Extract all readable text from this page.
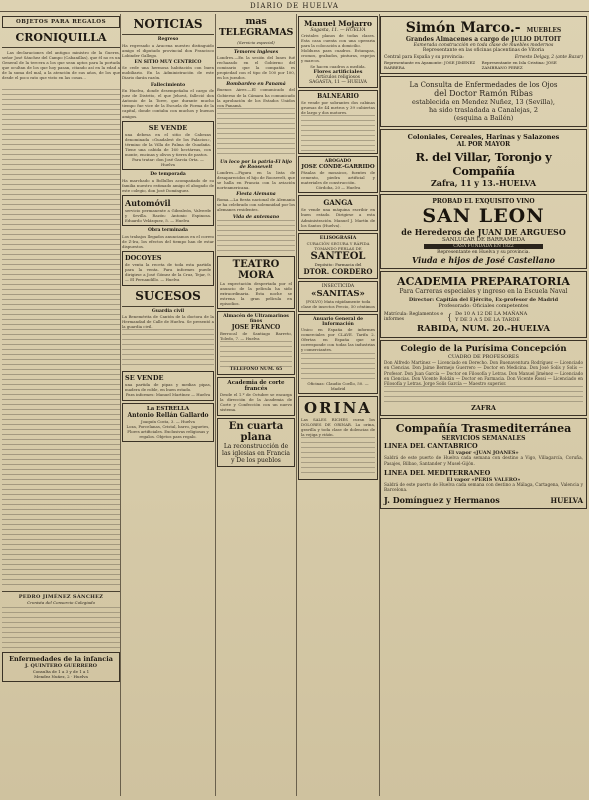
DIARIO DE HUELVA
OBJETOS PARA REGALOS
CRONIQUILLA

Las declaraciones del antiguo ministro de la Guerra, señor José Sánchez del Campo (Cabanillas), que él no es un General de la tercera a los que sean aptos para la portada que ocultan de los que hoy pasan, citando así en la edad a de la suma del mal, a la atención de sus años, de los que desde el poco rato que visto en las cosas...

PEDRO JIMÉNEZ SÁNCHEZ
Cronista del Consorcio Colegiado
Enfermedades de la infancia
J. QUINTERO GUERRERO
Consulta de 1 a 3 y de 1 a 1
Mendez Nuñez, 2 · Huelva
NOTICIAS
Regreso
Ha regresado a Aracena nuestro distinguido amigo el diputado provincial don Francisco Lobinder Gallego.
EN SITIO MUY CENTRICO
Se cede una hermosa habitación con buen mobiliario. En la Administración de este Diario darán razón.
Fallecimiento
En Huelva, donde desempeñaba el cargo de juez de Distrito, el que Jehová, falleció don Antonio de la Torre, que durante mucho tiempo fue vice de la Escuela de Forma de la capital, donde contaba con muchos y buenos amigos.
SE VENDE
una debesa en el sitio de Cabezas denominada «Guadalest de los Palacios», término de la Villa de Palma de Guadaña. Tiene una cabida de 160 hectáreas, con monte, encinas y olivos y tierra de pastos.
Para tratar: don José García Orta. — Huelva
De temporada
Ha marchado a Bollullos acompañado de su familia nuestro estimado amigo el abogado de este colegio, don José Domínguez.
Automóvil
servicio permanente a Gibraleón, Valverde y Sevilla. Razón: Antonio Espinosa. Eduardo Velázquez, 5. — Huelva
Obra terminada
Los trabajos llegados anunciamos en el correo de Z-Ira, los efectos del tiempo han de estar dispuestos.
DOCOYES
de venta la receta de toda esta partida para la venta. Para informes puede dirigirse a José Gómez de la Cruz, Tejar, 9. — El Fernandillo. — Huelva
SUCESOS
Guardia civil
La Benemérita de Cantón de la doctora de la Hermandad de Calle de Huelva. Se presentó a la guardia civil.
SE VENDE
una partida de pipas y medias pipas, madera de roble, en buen estado.
Para informes: Manuel Martínez — Huelva
La ESTRELLA
Antonio Rellán Gallardo
Joaquín Costa, 3. — Huelva
Loza, Porcelanas, Cristal, barro, juguetes, Flores artificiales. Exclusivas religiosas y regalos. Objetos para regalo.
mas TELEGRAMAS
(Servicio especial)
Temores ingleses
Londres.—En la sesión del lunes fué rechazado en el Gobierno del comisario que la compañía es propiedad con el tipo de 100 por 100, en los jurados.
Bombardeo en Panamá
Buenos Aires.—El comunicado del Gobierno de la Cámara ha comunicado la aprobación de los Estados Unidos con Panamá.
Un loco por la patria-El hijo de Roosevelt
Londres.—Figura en la lista de desaparecidos el hijo de Roosevelt, que se halla en Francia con la aviación norteamericana.
Fiesta Alemana
Roma.—La fiesta nacional de Alemania se ha celebrado con solemnidad por los alemanes residentes.
Vida de antemano
TEATRO MORA
La expectación despertada por el anuncio de la película ha sido extraordinaria. Esta noche se estrena la gran película en episodios.
Almacén de Ultramarinos finos
JOSE FRANCO
Berrocal de Santiago Barreto, Toledo, 7. — Huelva
TELEFONO NUM. 65
Academia de corte francés
Desde el 1.º de Octubre se encarga la dirección de la Academia de Corte y Confección con un nuevo sistema.
En cuarta plana
La reconstrucción de las iglesias en Francia y De los pueblos
Manuel Mojarro
Sagasta, 11. — HUELVA
Cristales planos de todas clases. Esta casa cuenta con una operaria para la colocación a domicilio.
Molduras para cuadros. Estampas, cromos, grabados, pinturas, espejos y marcos.
Se hacen cuadros a medida.
Flores artificiales
Artículos religiosos
SAGASTA, 11 — HUELVA
BALNEARIO
Se vende por sobrantes dos cabinas gruesas de 44 metros y 39 cubiertas de largo y dos motores.
ABOGADO
JOSE CONDE-GARRIDO
Pásalas de mosaicos, fuentes de cemento, piedra artificial y materiales de construcción.
Córdoba, 20 — Huelva
GANGA
Se vende una máquina escribir en buen estado. Dirigirse a esta Administración. Manuel J. Martín de los Santos (Huelva).
ELISOGRASIA
CURACIÓN SEGURA Y RÁPIDA TOMANDO PERLAS DE
SANTEOL
Depósito: Farmacia del
DTOR. CORDERO
INSECTICIDA
«SANITAS»
(POLVO) Mata rápidamente toda clase de insectos Precio, 50 céntimos
Anuario General de Información
Unico en España de informes comerciales por CLAVE. Tarifa 2. Ofertas en España que se corresponde con todas las industrias y comerciantes.
Oficinas: Claudio Coello, 50. — Madrid
ORINA
Las SALES RICHES curan los DOLORES DE ORINAR. La orina, gravilla y toda clase de dolencias de la vejiga y riñón.
Simón Marco.- MUEBLES
Grandes Almacenes a cargo de JULIO DUTOIT
Esmerada construcción en toda clase de muebles modernos
Representante en las oficinas placentinas de Vitoria
Central para España y su provincia:	Ernesto Delgay, 2 (ante Bazar)
Representante en Ayamonte: JOSE JIMENEZ BARBERA
Representante en Isla Cristina: JOSE ZAMBRANO PEREZ
La Consulta de Enfermedades de los Ojos
del Doctor Ramón Ribas
establecida en Mendez Nuñez, 13 (Sevilla),
ha sido trasladada a Canalejas, 2
(esquina a Bailén)
Coloniales, Cereales, Harinas y Salazones
AL POR MAYOR
R. del Villar, Toronjo y Compañía
Zafra, 11 y 13.-HUELVA
PROBAD EL EXQUISITO VINO
SAN LEON
de Herederos de JUAN DE ARGUESO
SANLUCAR DE BARRAMEDA
CASA FUNDADA EN 1822
Representante en Huelva y su provincia.
Viuda e hijos de José Castellano
ACADEMIA PREPARATORIA
Para Carreras especiales y ingreso en la Escuela Naval
Director: Capitán del Ejército, Ex-profesor de Madrid
Profesorado: Oficiales competentes
Matrícula: Reglamentos e informes	{ De 10 A 12 DE LA MAÑANA
Y DE 3 A 5 DE LA TARDE
RABIDA, NUM. 20.-HUELVA
Colegio de la Purísima Concepción
CUADRO DE PROFESORES
Don Alfredo Martínez — Licenciado en Derecho. Don Buenaventura Rodríguez — Licenciado en Ciencias. Don Jaime Bermejo Guerrero — Doctor en Medicina. Don José Solís y Solís — Profesor. Don Juan García — Doctor en Filosofía y Letras. Don Manuel Jiménez — Licenciado en Ciencias. Don Vicente Roldán — Doctor en Farmacia. Don Vicente Rossi — Licenciado en Filosofía y Letras. Jorge Solís García — Maestro superior.
ZAFRA
Compañía Trasmediterránea
SERVICIOS SEMANALES
LINEA DEL CANTABRICO
El vapor «JUAN JOANES»
Saldrá de este puerto de Huelva cada semana con destino a Vigo, Villagarcía, Coruña, Pasajes, Bilbao, Santander y Musel-Gijón.
LINEA DEL MEDITERRANEO
El vapor «PERIS VALERO»
Saldrá de este puerto de Huelva cada semana con destino a Málaga, Cartagena, Valencia y Barcelona.
J. Domínguez y Hermanos	HUELVA
